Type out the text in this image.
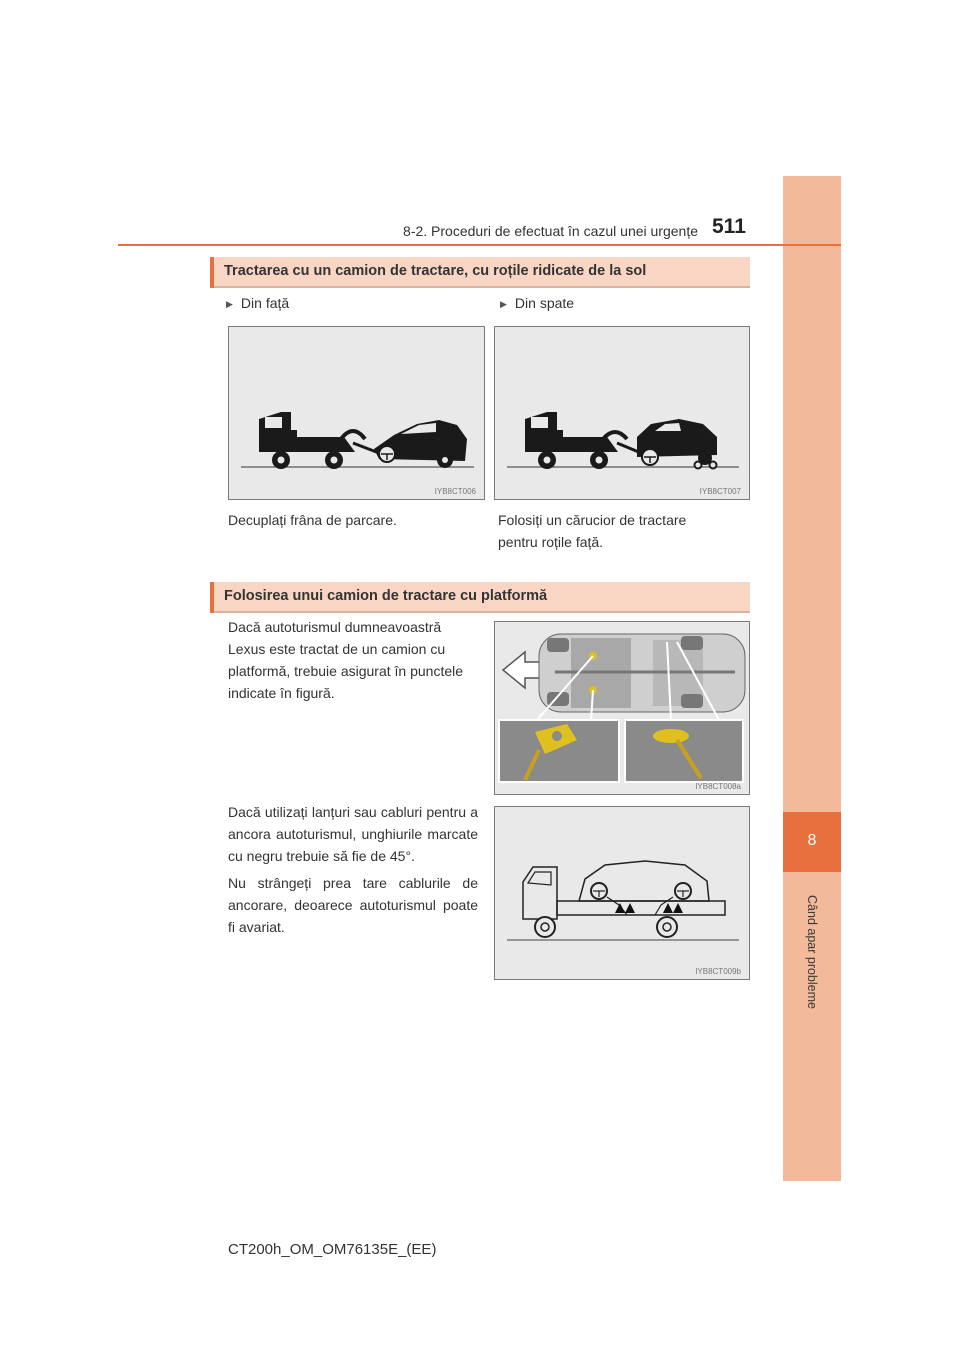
8
Când apar probleme
8-2. Proceduri de efectuat în cazul unei urgențe 511
Tractarea cu un camion de tractare, cu roțile ridicate de la sol
▶ Din față	▶ Din spate
IYB8CT006	IYB8CT007
Decuplați frâna de parcare.	Folosiți un cărucior de tractare
pentru roțile față.
Folosirea unui camion de tractare cu platformă
Dacă autoturismul dumneavoastră
Lexus este tractat de un camion cu
platformă, trebuie asigurat în punctele
indicate în figură.
IYB8CT008a
Dacă utilizați lanțuri sau cabluri pentru a ancora autoturismul, unghiurile marcate cu negru trebuie să fie de 45°.
Nu strângeți prea tare cablurile de ancorare, deoarece autoturismul poate fi avariat.
IYB8CT009b
CT200h_OM_OM76135E_(EE)
